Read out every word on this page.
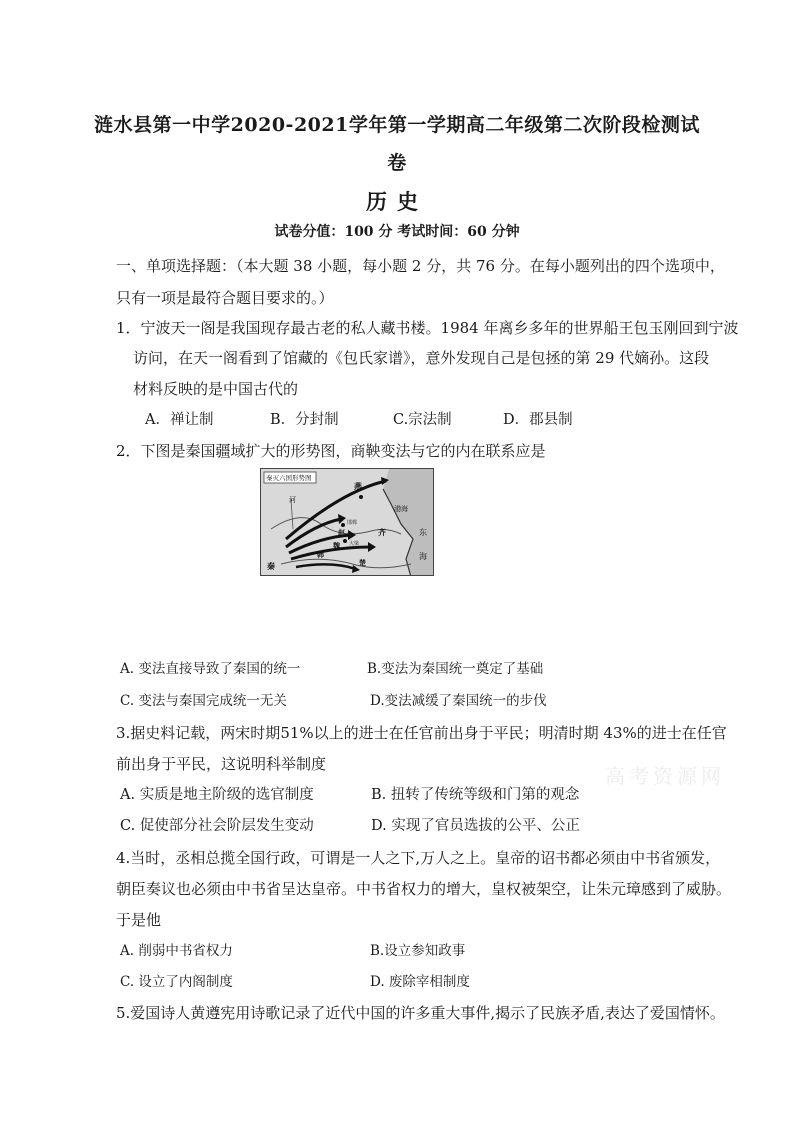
涟水县第一中学2020-2021学年第一学期高二年级第二次阶段检测试
卷
历史
试卷分值：100 分 考试时间：60 分钟
一、单项选择题：（本大题 38 小题，每小题 2 分，共 76 分。在每小题列出的四个选项中，
只有一项是最符合题目要求的。）
1．宁波天一阁是我国现存最古老的私人藏书楼。1984 年离乡多年的世界船王包玉刚回到宁波
访问，在天一阁看到了馆藏的《包氏家谱》，意外发现自己是包拯的第 29 代嫡孙。这段
材料反映的是中国古代的
A．禅让制	B．分封制	C.宗法制	D．郡县制
2．下图是秦国疆域扩大的形势图，商鞅变法与它的内在联系应是
秦灭六国形势图
燕
渤海
河
赵
邯郸
齐
魏 大梁
韩
楚
东
海
秦
A. 变法直接导致了秦国的统一	B.变法为秦国统一奠定了基础
C. 变法与秦国完成统一无关	D.变法减缓了秦国统一的步伐
3.据史料记载，两宋时期51%以上的进士在任官前出身于平民；明清时期 43%的进士在任官
前出身于平民，这说明科举制度
A. 实质是地主阶级的选官制度	B. 扭转了传统等级和门第的观念
C. 促使部分社会阶层发生变动	D. 实现了官员选拔的公平、公正
4.当时，丞相总揽全国行政，可谓是一人之下,万人之上。皇帝的诏书都必须由中书省颁发，
朝臣奏议也必须由中书省呈达皇帝。中书省权力的增大，皇权被架空，让朱元璋感到了威胁。
于是他
A. 削弱中书省权力	B.设立参知政事
C. 设立了内阁制度	D. 废除宰相制度
5.爱国诗人黄遵宪用诗歌记录了近代中国的许多重大事件,揭示了民族矛盾,表达了爱国情怀。
高考资源网
